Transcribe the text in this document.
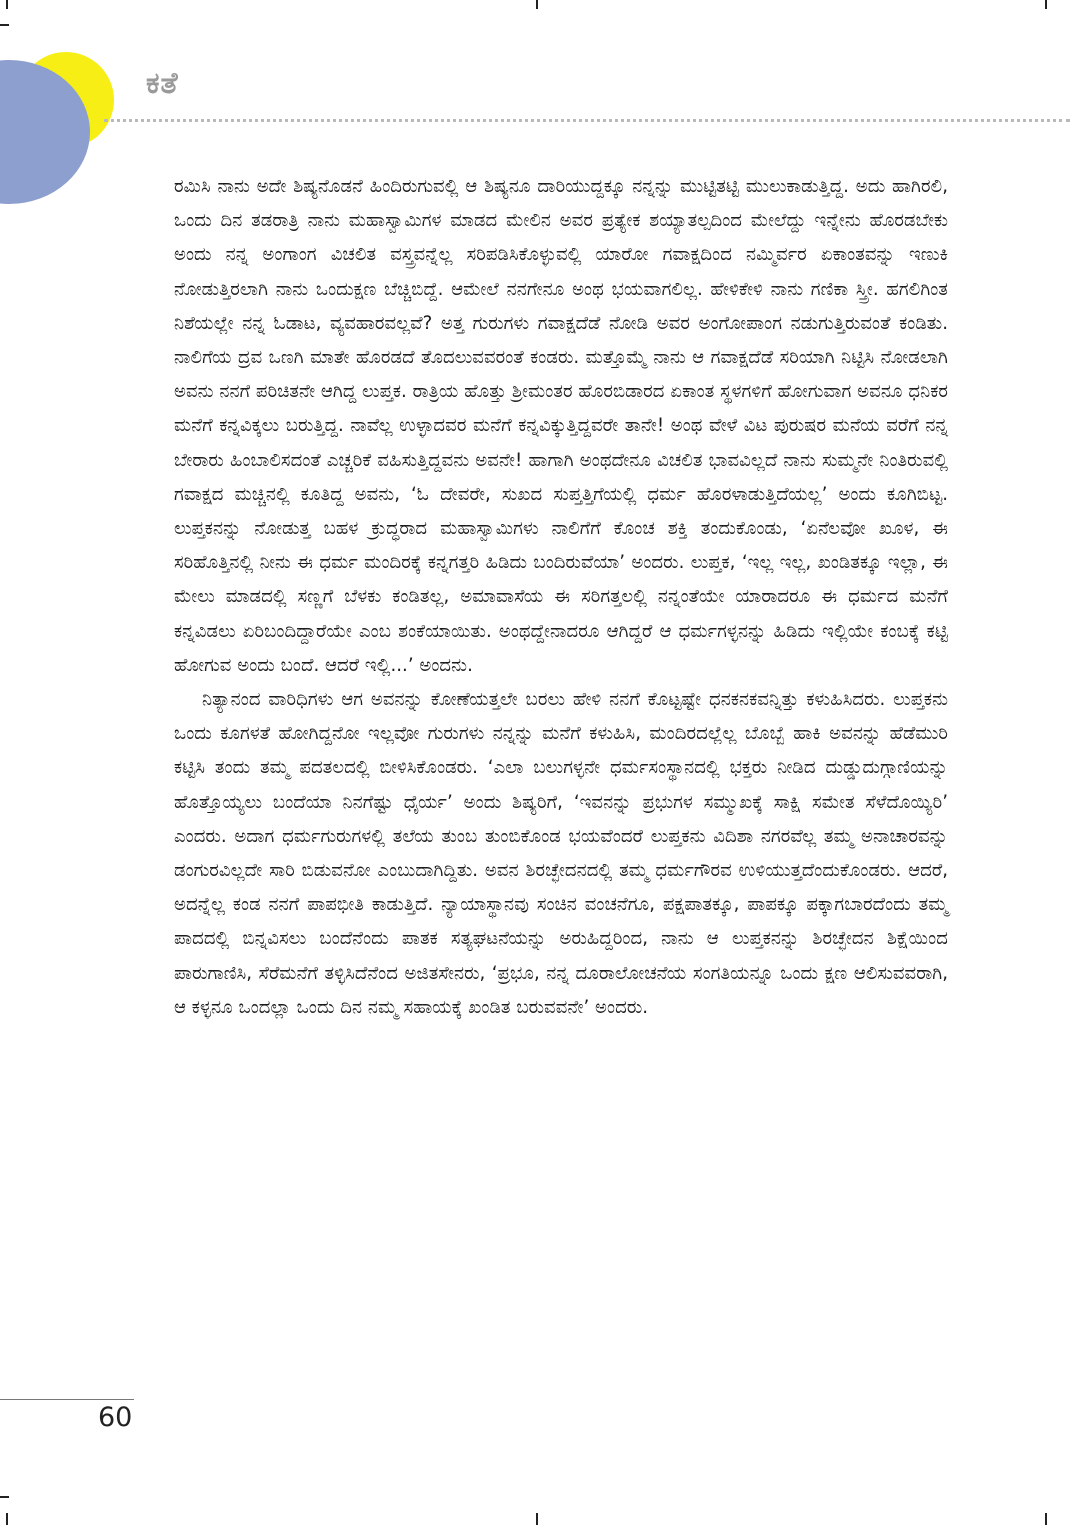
ಕತೆ

ರಮಿಸಿ ನಾನು ಅದೇ ಶಿಷ್ಯನೊಡನೆ ಹಿಂದಿರುಗುವಲ್ಲಿ ಆ ಶಿಷ್ಯನೂ ದಾರಿಯುದ್ದಕ್ಕೂ ನನ್ನನ್ನು ಮುಟ್ಟಿತಟ್ಟಿ ಮುಲುಕಾಡುತ್ತಿದ್ದ. ಅದು ಹಾಗಿರಲಿ, ಒಂದು ದಿನ ತಡರಾತ್ರಿ ನಾನು ಮಹಾಸ್ವಾಮಿಗಳ ಮಾಡದ ಮೇಲಿನ ಅವರ ಪ್ರತ್ಯೇಕ ಶಯ್ಯಾತಲ್ಪದಿಂದ ಮೇಲೆದ್ದು ಇನ್ನೇನು ಹೊರಡಬೇಕು ಅಂದು ನನ್ನ ಅಂಗಾಂಗ ವಿಚಲಿತ ವಸ್ತ್ರವನ್ನೆಲ್ಲ ಸರಿಪಡಿಸಿಕೊಳ್ಳುವಲ್ಲಿ ಯಾರೋ ಗವಾಕ್ಷದಿಂದ ನಮ್ಮಿರ್ವರ ಏಕಾಂತವನ್ನು ಇಣುಕಿ ನೋಡುತ್ತಿರಲಾಗಿ ನಾನು ಒಂದುಕ್ಷಣ ಬೆಚ್ಚಿಬಿದ್ದೆ. ಆಮೇಲೆ ನನಗೇನೂ ಅಂಥ ಭಯವಾಗಲಿಲ್ಲ. ಹೇಳಿಕೇಳಿ ನಾನು ಗಣಿಕಾ ಸ್ತ್ರೀ. ಹಗಲಿಗಿಂತ ನಿಶೆಯಲ್ಲೇ ನನ್ನ ಓಡಾಟ, ವ್ಯವಹಾರವಲ್ಲವೆ? ಅತ್ತ ಗುರುಗಳು ಗವಾಕ್ಷದೆಡೆ ನೋಡಿ ಅವರ ಅಂಗೋಪಾಂಗ ನಡುಗುತ್ತಿರುವಂತೆ ಕಂಡಿತು. ನಾಲಿಗೆಯ ದ್ರವ ಒಣಗಿ ಮಾತೇ ಹೊರಡದೆ ತೊದಲುವವರಂತೆ ಕಂಡರು. ಮತ್ತೊಮ್ಮೆ ನಾನು ಆ ಗವಾಕ್ಷದೆಡೆ ಸರಿಯಾಗಿ ನಿಟ್ಟಿಸಿ ನೋಡಲಾಗಿ ಅವನು ನನಗೆ ಪರಿಚಿತನೇ ಆಗಿದ್ದ ಲುಪ್ತಕ. ರಾತ್ರಿಯ ಹೊತ್ತು ಶ್ರೀಮಂತರ ಹೊರಬಿಡಾರದ ಏಕಾಂತ ಸ್ಥಳಗಳಿಗೆ ಹೋಗುವಾಗ ಅವನೂ ಧನಿಕರ ಮನೆಗೆ ಕನ್ನವಿಕ್ಕಲು ಬರುತ್ತಿದ್ದ. ನಾವೆಲ್ಲ ಉಳ್ಳಾದವರ ಮನೆಗೆ ಕನ್ನವಿಕ್ಕುತ್ತಿದ್ದವರೇ ತಾನೇ! ಅಂಥ ವೇಳೆ ವಿಟ ಪುರುಷರ ಮನೆಯ ವರೆಗೆ ನನ್ನ ಬೇರಾರು ಹಿಂಬಾಲಿಸದಂತೆ ಎಚ್ಚರಿಕೆ ವಹಿಸುತ್ತಿದ್ದವನು ಅವನೇ! ಹಾಗಾಗಿ ಅಂಥದೇನೂ ವಿಚಲಿತ ಭಾವವಿಲ್ಲದೆ ನಾನು ಸುಮ್ಮನೇ ನಿಂತಿರುವಲ್ಲಿ ಗವಾಕ್ಷದ ಮಚ್ಚಿನಲ್ಲಿ ಕೂತಿದ್ದ ಅವನು, ‘ಓ ದೇವರೇ, ಸುಖದ ಸುಪ್ತತ್ತಿಗೆಯಲ್ಲಿ ಧರ್ಮ ಹೊರಳಾಡುತ್ತಿದೆಯಲ್ಲ’ ಅಂದು ಕೂಗಿಬಿಟ್ಟ. ಲುಪ್ತಕನನ್ನು ನೋಡುತ್ತ ಬಹಳ ಕ್ರುದ್ಧರಾದ ಮಹಾಸ್ವಾಮಿಗಳು ನಾಲಿಗೆಗೆ ಕೊಂಚ ಶಕ್ತಿ ತಂದುಕೊಂಡು, ‘ಏನೆಲವೋ ಖೂಳ, ಈ ಸರಿಹೊತ್ತಿನಲ್ಲಿ ನೀನು ಈ ಧರ್ಮ ಮಂದಿರಕ್ಕೆ ಕನ್ನಗತ್ತರಿ ಹಿಡಿದು ಬಂದಿರುವೆಯಾ’ ಅಂದರು. ಲುಪ್ತಕ, ‘ಇಲ್ಲ ಇಲ್ಲ, ಖಂಡಿತಕ್ಕೂ ಇಲ್ಲಾ, ಈ ಮೇಲು ಮಾಡದಲ್ಲಿ ಸಣ್ಣಗೆ ಬೆಳಕು ಕಂಡಿತಲ್ಲ, ಅಮಾವಾಸೆಯ ಈ ಸರಿಗತ್ತಲಲ್ಲಿ ನನ್ನಂತೆಯೇ ಯಾರಾದರೂ ಈ ಧರ್ಮದ ಮನೆಗೆ ಕನ್ನವಿಡಲು ಏರಿಬಂದಿದ್ದಾರೆಯೇ ಎಂಬ ಶಂಕೆಯಾಯಿತು. ಅಂಥದ್ದೇನಾದರೂ ಆಗಿದ್ದರೆ ಆ ಧರ್ಮಗಳ್ಳನನ್ನು ಹಿಡಿದು ಇಲ್ಲಿಯೇ ಕಂಬಕ್ಕೆ ಕಟ್ಟಿ ಹೋಗುವ ಅಂದು ಬಂದೆ. ಆದರೆ ಇಲ್ಲಿ...’ ಅಂದನು.

ನಿತ್ಯಾನಂದ ವಾರಿಧಿಗಳು ಆಗ ಅವನನ್ನು ಕೋಣೆಯತ್ತಲೇ ಬರಲು ಹೇಳಿ ನನಗೆ ಕೊಟ್ಟಷ್ಟೇ ಧನಕನಕವನ್ನಿತ್ತು ಕಳುಹಿಸಿದರು. ಲುಪ್ತಕನು ಒಂದು ಕೂಗಳತೆ ಹೋಗಿದ್ದನೋ ಇಲ್ಲವೋ ಗುರುಗಳು ನನ್ನನ್ನು ಮನೆಗೆ ಕಳುಹಿಸಿ, ಮಂದಿರದಲ್ಲೆಲ್ಲ ಬೊಬ್ಬೆ ಹಾಕಿ ಅವನನ್ನು ಹೆಡೆಮುರಿ ಕಟ್ಟಿಸಿ ತಂದು ತಮ್ಮ ಪದತಲದಲ್ಲಿ ಬೀಳಿಸಿಕೊಂಡರು. ‘ಎಲಾ ಬಲುಗಳ್ಳನೇ ಧರ್ಮಸಂಸ್ಥಾನದಲ್ಲಿ ಭಕ್ತರು ನೀಡಿದ ದುಡ್ಡುದುಗ್ಗಾಣಿಯನ್ನು ಹೊತ್ತೊಯ್ಯಲು ಬಂದೆಯಾ ನಿನಗೆಷ್ಟು ಧೈರ್ಯ’ ಅಂದು ಶಿಷ್ಯರಿಗೆ, ‘ಇವನನ್ನು ಪ್ರಭುಗಳ ಸಮ್ಮುಖಕ್ಕೆ ಸಾಕ್ಷಿ ಸಮೇತ ಸೆಳೆದೊಯ್ಯಿರಿ’ ಎಂದರು. ಅದಾಗ ಧರ್ಮಗುರುಗಳಲ್ಲಿ ತಲೆಯ ತುಂಬ ತುಂಬಿಕೊಂಡ ಭಯವೆಂದರೆ ಲುಪ್ತಕನು ವಿದಿಶಾ ನಗರವೆಲ್ಲ ತಮ್ಮ ಅನಾಚಾರವನ್ನು ಡಂಗುರವಿಲ್ಲದೇ ಸಾರಿ ಬಿಡುವನೋ ಎಂಬುದಾಗಿದ್ದಿತು. ಅವನ ಶಿರಚ್ಛೇದನದಲ್ಲಿ ತಮ್ಮ ಧರ್ಮಗೌರವ ಉಳಿಯುತ್ತದೆಂದುಕೊಂಡರು. ಆದರೆ, ಅದನ್ನೆಲ್ಲ ಕಂಡ ನನಗೆ ಪಾಪಭೀತಿ ಕಾಡುತ್ತಿದೆ. ನ್ಯಾಯಾಸ್ಥಾನವು ಸಂಚಿನ ವಂಚನೆಗೂ, ಪಕ್ಷಪಾತಕ್ಕೂ, ಪಾಪಕ್ಕೂ ಪಕ್ಕಾಗಬಾರದೆಂದು ತಮ್ಮ ಪಾದದಲ್ಲಿ ಬಿನ್ನವಿಸಲು ಬಂದೆನೆಂದು ಪಾತಕ ಸತ್ಯಘಟನೆಯನ್ನು ಅರುಹಿದ್ದರಿಂದ, ನಾನು ಆ ಲುಪ್ತಕನನ್ನು ಶಿರಚ್ಛೇದನ ಶಿಕ್ಷೆಯಿಂದ ಪಾರುಗಾಣಿಸಿ, ಸೆರೆಮನೆಗೆ ತಳ್ಳಿಸಿದೆನೆಂದ ಅಜಿತಸೇನರು, ‘ಪ್ರಭೂ, ನನ್ನ ದೂರಾಲೋಚನೆಯ ಸಂಗತಿಯನ್ನೂ ಒಂದು ಕ್ಷಣ ಆಲಿಸುವವರಾಗಿ, ಆ ಕಳ್ಳನೂ ಒಂದಲ್ಲಾ ಒಂದು ದಿನ ನಮ್ಮ ಸಹಾಯಕ್ಕೆ ಖಂಡಿತ ಬರುವವನೇ’ ಅಂದರು.

60
